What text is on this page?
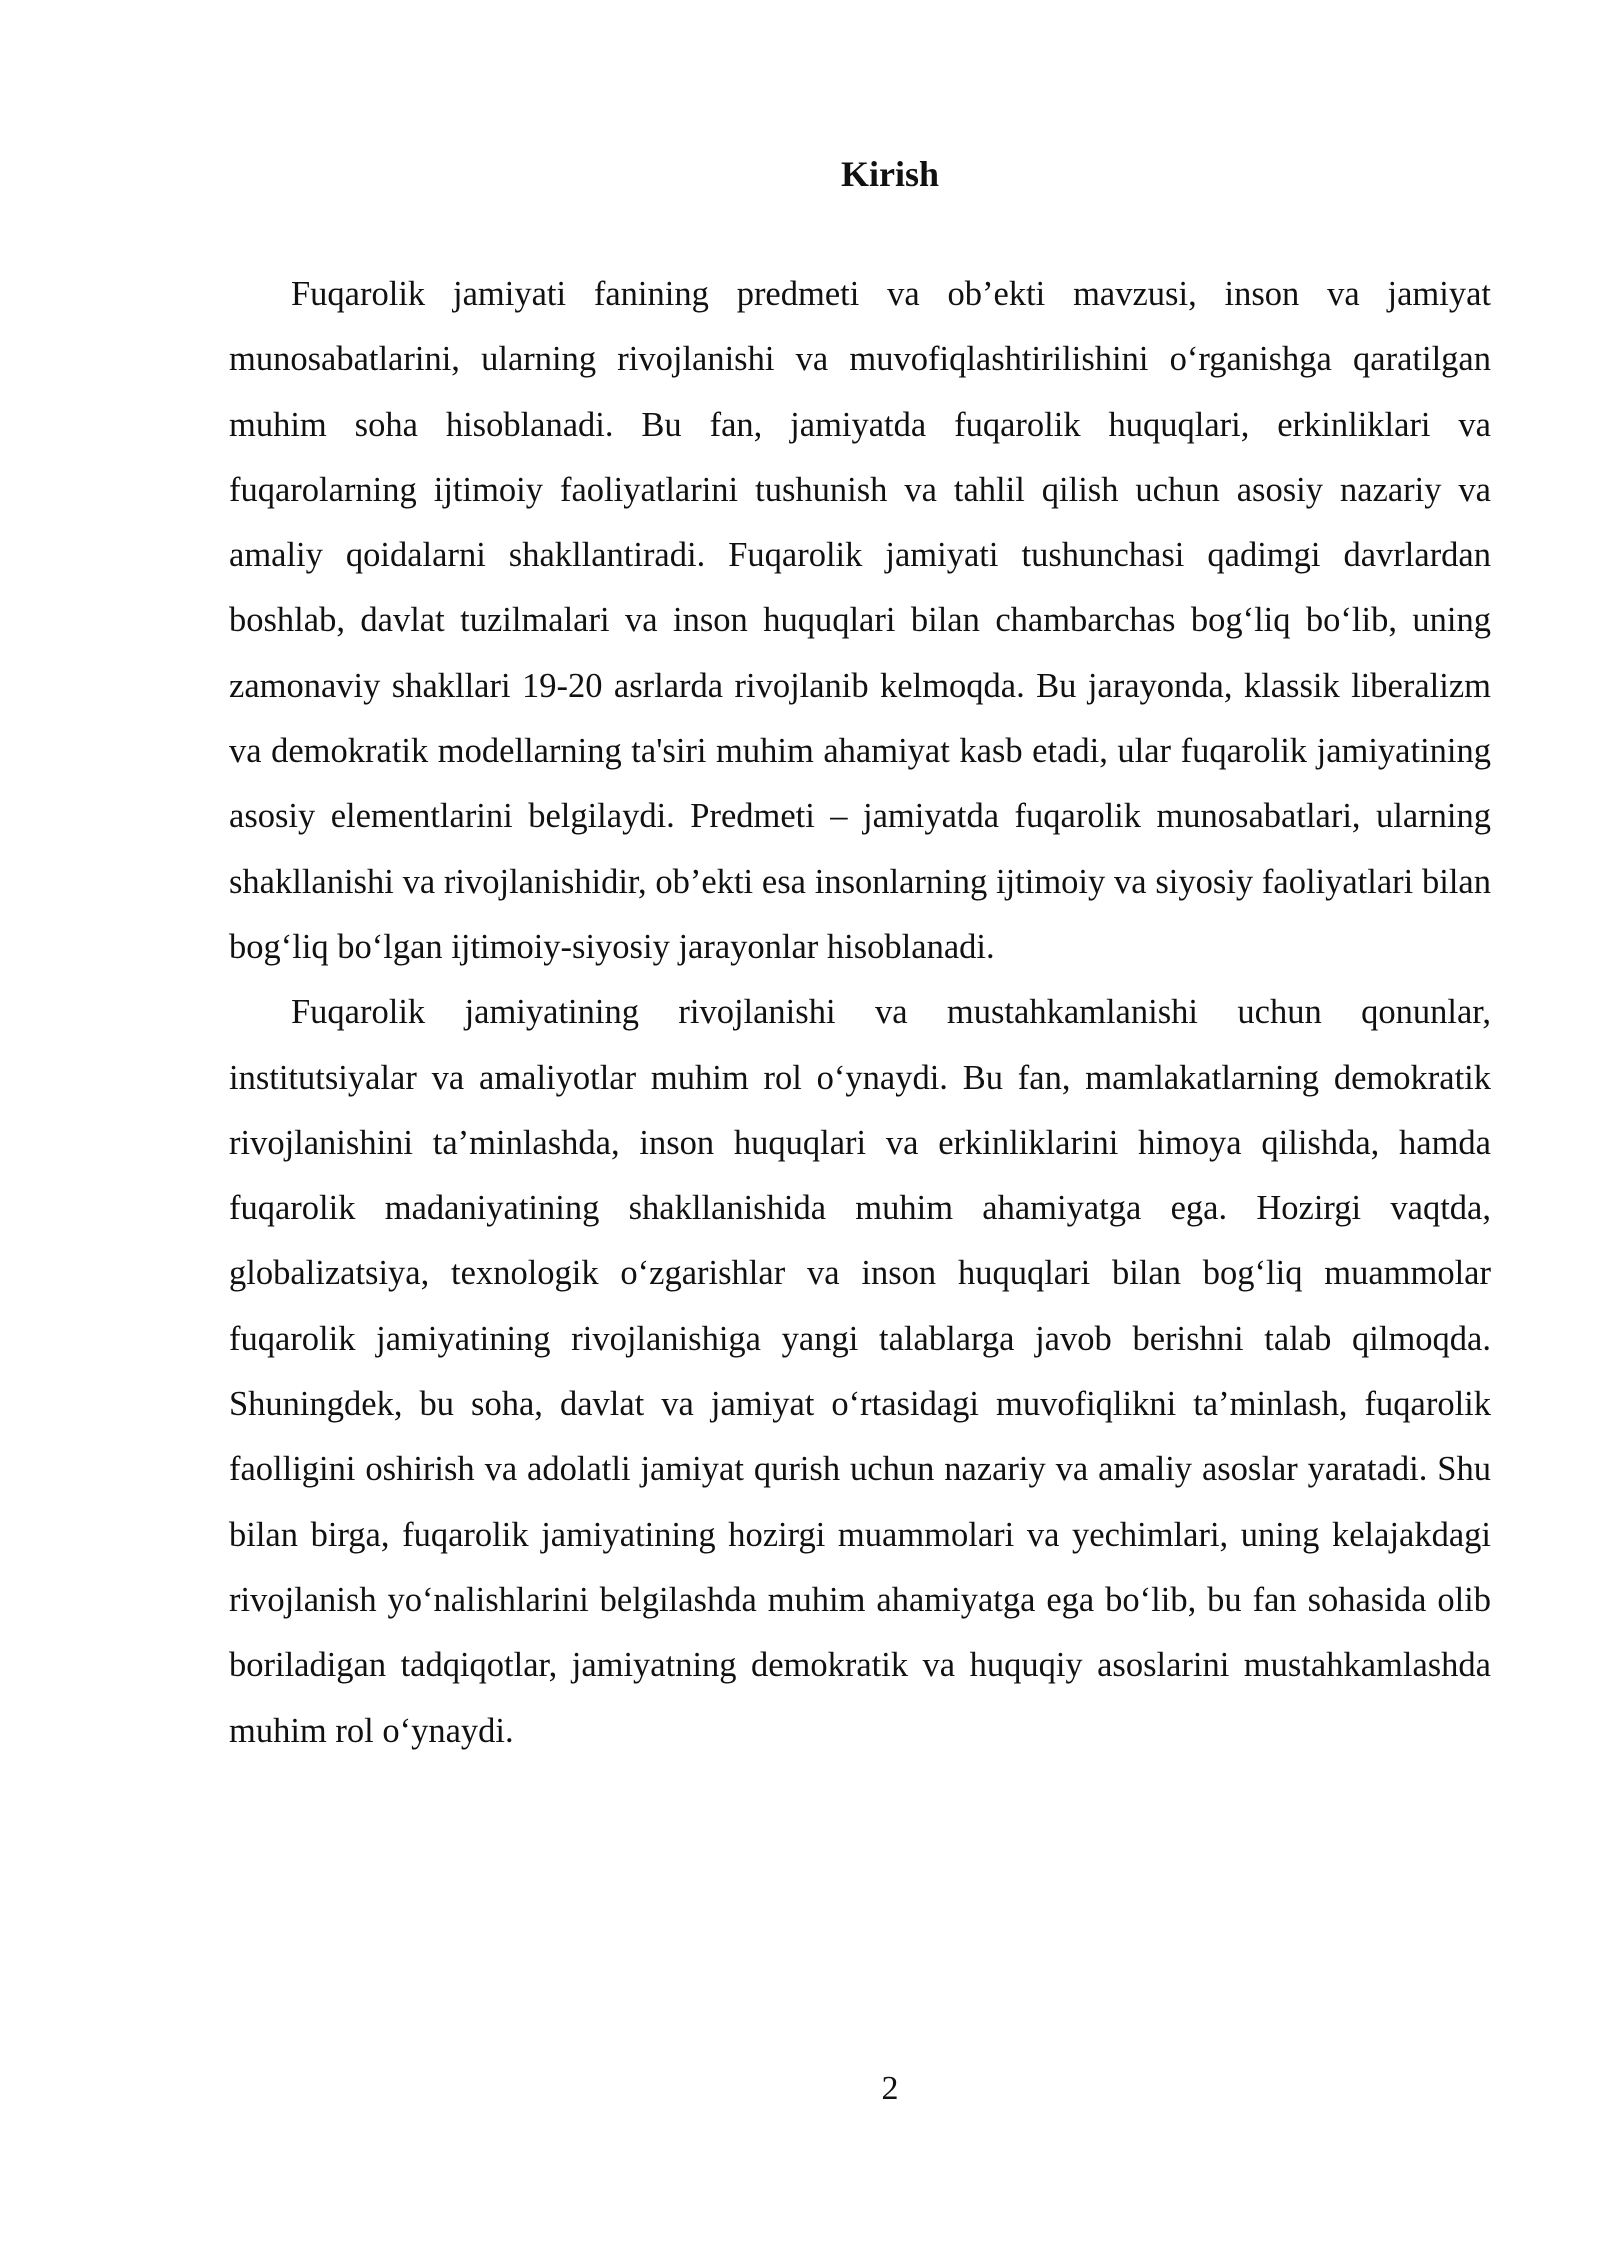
Kirish

Fuqarolik jamiyati fanining predmeti va ob’ekti mavzusi, inson va jamiyat munosabatlarini, ularning rivojlanishi va muvofiqlashtirilishini o‘rganishga qaratilgan muhim soha hisoblanadi. Bu fan, jamiyatda fuqarolik huquqlari, erkinliklari va fuqarolarning ijtimoiy faoliyatlarini tushunish va tahlil qilish uchun asosiy nazariy va amaliy qoidalarni shakllantiradi. Fuqarolik jamiyati tushunchasi qadimgi davrlardan boshlab, davlat tuzilmalari va inson huquqlari bilan chambarchas bog‘liq bo‘lib, uning zamonaviy shakllari 19-20 asrlarda rivojlanib kelmoqda. Bu jarayonda, klassik liberalizm va demokratik modellarning ta'siri muhim ahamiyat kasb etadi, ular fuqarolik jamiyatining asosiy elementlarini belgilaydi. Predmeti – jamiyatda fuqarolik munosabatlari, ularning shakllanishi va rivojlanishidir, ob’ekti esa insonlarning ijtimoiy va siyosiy faoliyatlari bilan bog‘liq bo‘lgan ijtimoiy-siyosiy jarayonlar hisoblanadi.

Fuqarolik jamiyatining rivojlanishi va mustahkamlanishi uchun qonunlar, institutsiyalar va amaliyotlar muhim rol o‘ynaydi. Bu fan, mamlakatlarning demokratik rivojlanishini ta’minlashda, inson huquqlari va erkinliklarini himoya qilishda, hamda fuqarolik madaniyatining shakllanishida muhim ahamiyatga ega. Hozirgi vaqtda, globalizatsiya, texnologik o‘zgarishlar va inson huquqlari bilan bog‘liq muammolar fuqarolik jamiyatining rivojlanishiga yangi talablarga javob berishni talab qilmoqda. Shuningdek, bu soha, davlat va jamiyat o‘rtasidagi muvofiqlikni ta’minlash, fuqarolik faolligini oshirish va adolatli jamiyat qurish uchun nazariy va amaliy asoslar yaratadi. Shu bilan birga, fuqarolik jamiyatining hozirgi muammolari va yechimlari, uning kelajakdagi rivojlanish yo‘nalishlarini belgilashda muhim ahamiyatga ega bo‘lib, bu fan sohasida olib boriladigan tadqiqotlar, jamiyatning demokratik va huquqiy asoslarini mustahkamlashda muhim rol o‘ynaydi.

2
